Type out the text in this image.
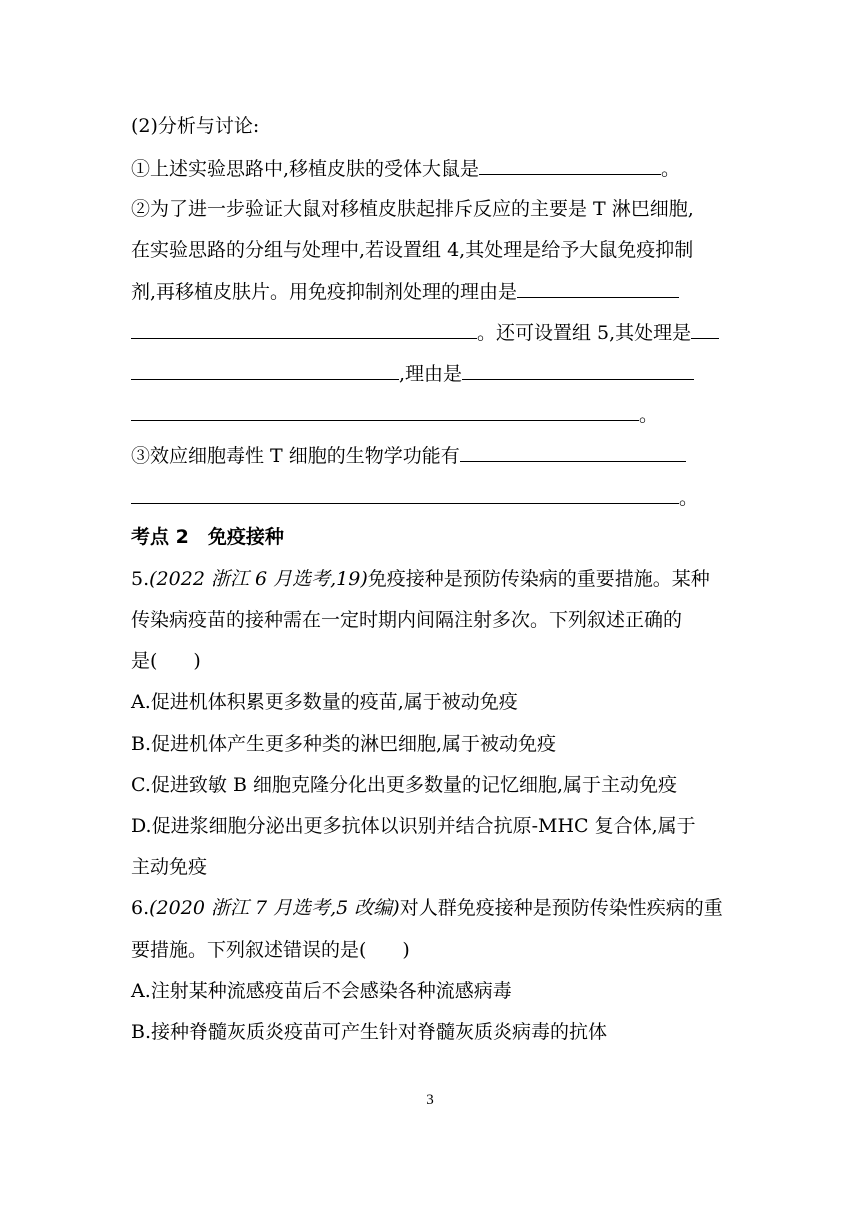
(2)分析与讨论:
①上述实验思路中,移植皮肤的受体大鼠是	。
②为了进一步验证大鼠对移植皮肤起排斥反应的主要是 T 淋巴细胞,
在实验思路的分组与处理中,若设置组 4,其处理是给予大鼠免疫抑制
剂,再移植皮肤片。用免疫抑制剂处理的理由是
。还可设置组 5,其处理是
,理由是
。
③效应细胞毒性 T 细胞的生物学功能有
。
考点 2　免疫接种
5.(2022 浙江 6 月选考,19)免疫接种是预防传染病的重要措施。某种
传染病疫苗的接种需在一定时期内间隔注射多次。下列叙述正确的
是( )
A.促进机体积累更多数量的疫苗,属于被动免疫
B.促进机体产生更多种类的淋巴细胞,属于被动免疫
C.促进致敏 B 细胞克隆分化出更多数量的记忆细胞,属于主动免疫
D.促进浆细胞分泌出更多抗体以识别并结合抗原-MHC 复合体,属于
主动免疫
6.(2020 浙江 7 月选考,5 改编)对人群免疫接种是预防传染性疾病的重
要措施。下列叙述错误的是( )
A.注射某种流感疫苗后不会感染各种流感病毒
B.接种脊髓灰质炎疫苗可产生针对脊髓灰质炎病毒的抗体
3
